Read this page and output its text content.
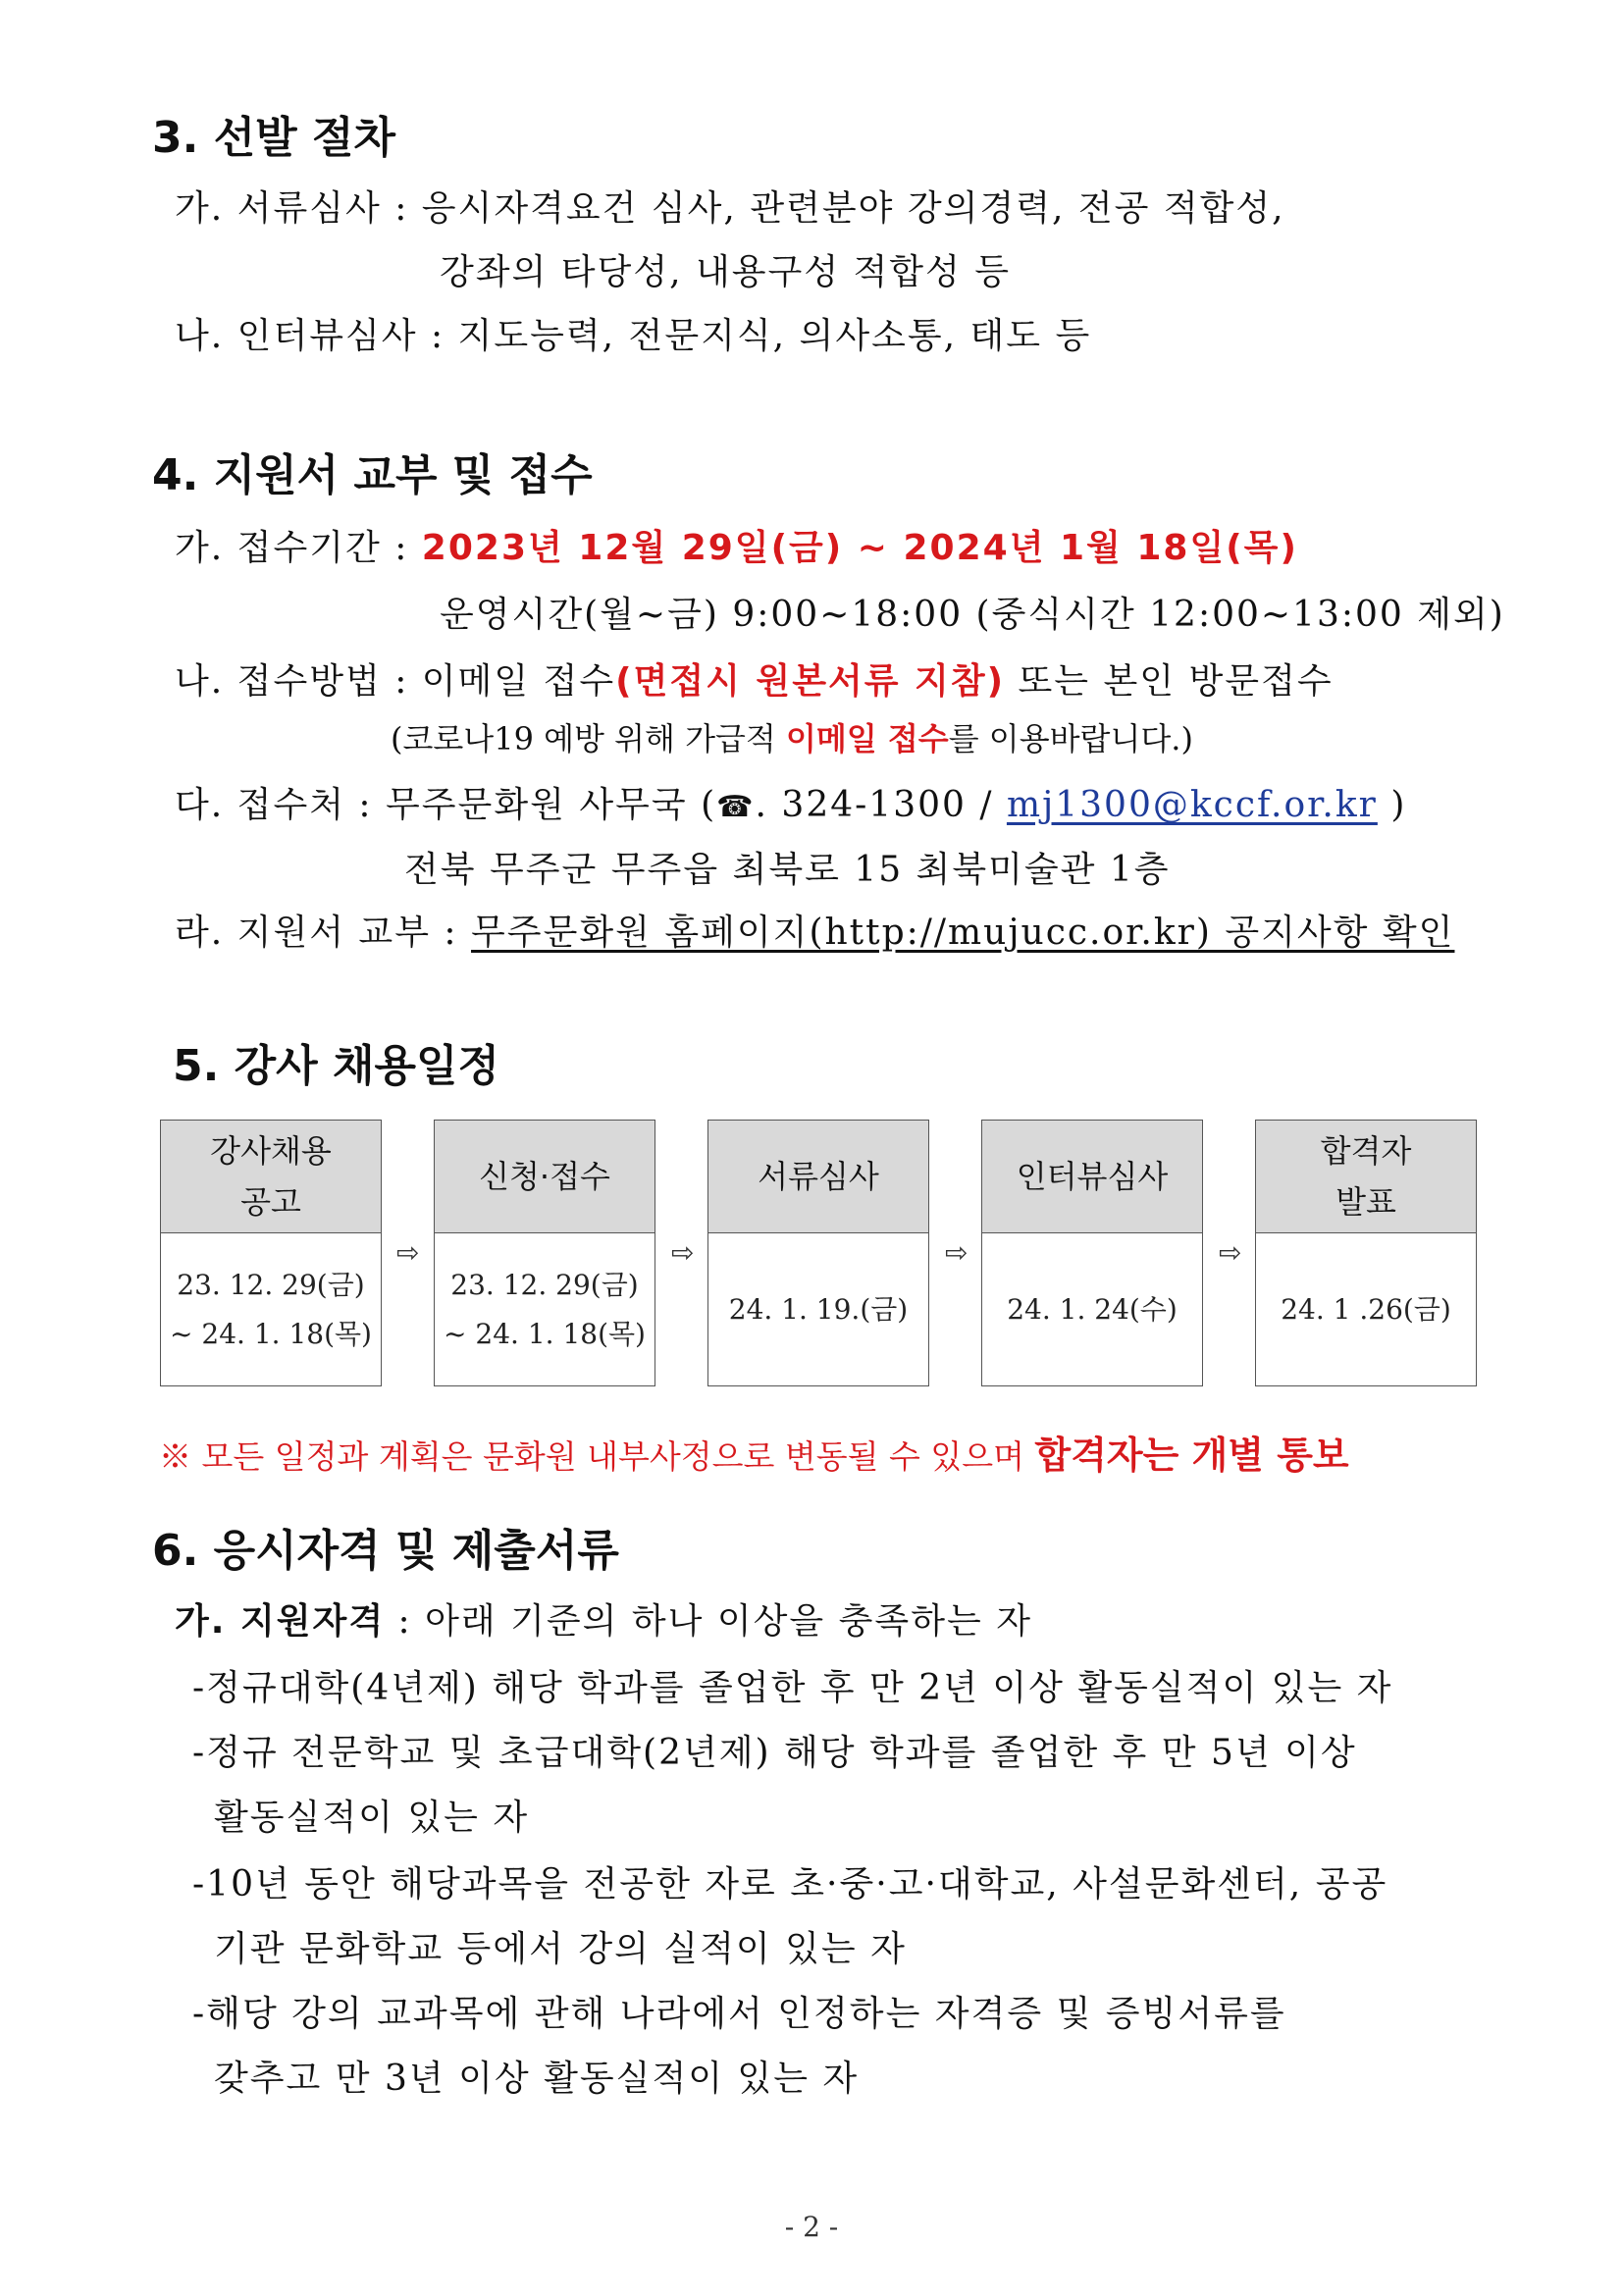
3. 선발 절차
가. 서류심사 : 응시자격요건 심사, 관련분야 강의경력, 전공 적합성,
강좌의 타당성, 내용구성 적합성 등
나. 인터뷰심사 : 지도능력, 전문지식, 의사소통, 태도 등
4. 지원서 교부 및 접수
가. 접수기간 : 2023년 12월 29일(금) ~ 2024년 1월 18일(목)
운영시간(월~금) 9:00~18:00 (중식시간 12:00~13:00 제외)
나. 접수방법 : 이메일 접수(면접시 원본서류 지참) 또는 본인 방문접수
(코로나19 예방 위해 가급적 이메일 접수를 이용바랍니다.)
다. 접수처 : 무주문화원 사무국 (☎. 324-1300 / mj1300@kccf.or.kr )
전북 무주군 무주읍 최북로 15 최북미술관 1층
라. 지원서 교부 : 무주문화원 홈페이지(http://mujucc.or.kr) 공지사항 확인
5. 강사 채용일정
강사채용
공고
23. 12. 29(금)
~ 24. 1. 18(목)
⇨
신청·접수
23. 12. 29(금)
~ 24. 1. 18(목)
⇨
서류심사
24. 1. 19.(금)
⇨
인터뷰심사
24. 1. 24(수)
⇨
합격자
발표
24. 1 .26(금)
※ 모든 일정과 계획은 문화원 내부사정으로 변동될 수 있으며 합격자는 개별 통보
6. 응시자격 및 제출서류
가. 지원자격 : 아래 기준의 하나 이상을 충족하는 자
-정규대학(4년제) 해당 학과를 졸업한 후 만 2년 이상 활동실적이 있는 자
-정규 전문학교 및 초급대학(2년제) 해당 학과를 졸업한 후 만 5년 이상
활동실적이 있는 자
-10년 동안 해당과목을 전공한 자로 초·중·고·대학교, 사설문화센터, 공공
기관 문화학교 등에서 강의 실적이 있는 자
-해당 강의 교과목에 관해 나라에서 인정하는 자격증 및 증빙서류를
갖추고 만 3년 이상 활동실적이 있는 자
- 2 -
